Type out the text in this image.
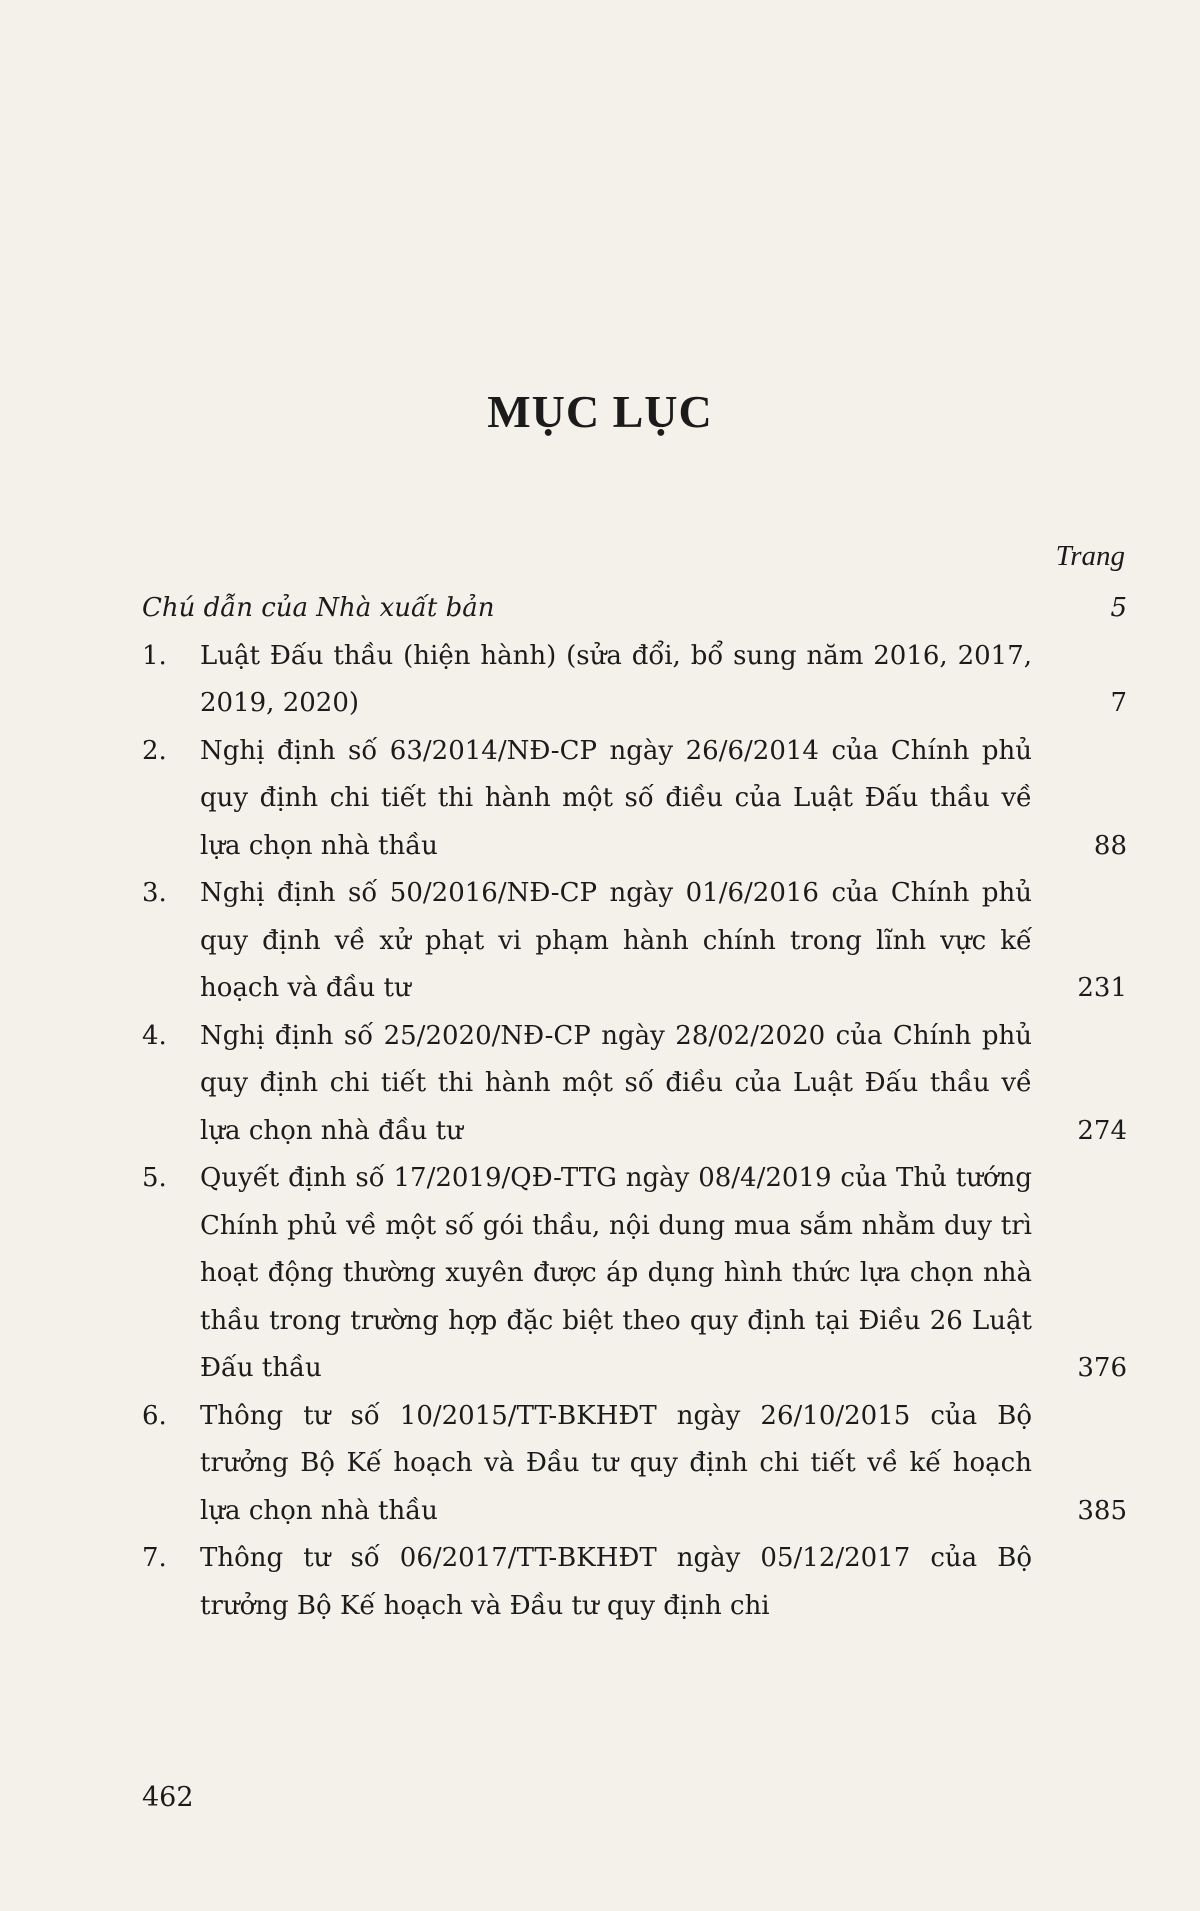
MỤC LỤC
Trang
Chú dẫn của Nhà xuất bản	5
1. Luật Đấu thầu (hiện hành) (sửa đổi, bổ sung năm 2016, 2017, 2019, 2020)	7
2. Nghị định số 63/2014/NĐ-CP ngày 26/6/2014 của Chính phủ quy định chi tiết thi hành một số điều của Luật Đấu thầu về lựa chọn nhà thầu	88
3. Nghị định số 50/2016/NĐ-CP ngày 01/6/2016 của Chính phủ quy định về xử phạt vi phạm hành chính trong lĩnh vực kế hoạch và đầu tư	231
4. Nghị định số 25/2020/NĐ-CP ngày 28/02/2020 của Chính phủ quy định chi tiết thi hành một số điều của Luật Đấu thầu về lựa chọn nhà đầu tư	274
5. Quyết định số 17/2019/QĐ-TTG ngày 08/4/2019 của Thủ tướng Chính phủ về một số gói thầu, nội dung mua sắm nhằm duy trì hoạt động thường xuyên được áp dụng hình thức lựa chọn nhà thầu trong trường hợp đặc biệt theo quy định tại Điều 26 Luật Đấu thầu	376
6. Thông tư số 10/2015/TT-BKHĐT ngày 26/10/2015 của Bộ trưởng Bộ Kế hoạch và Đầu tư quy định chi tiết về kế hoạch lựa chọn nhà thầu	385
7. Thông tư số 06/2017/TT-BKHĐT ngày 05/12/2017 của Bộ trưởng Bộ Kế hoạch và Đầu tư quy định chi
462
